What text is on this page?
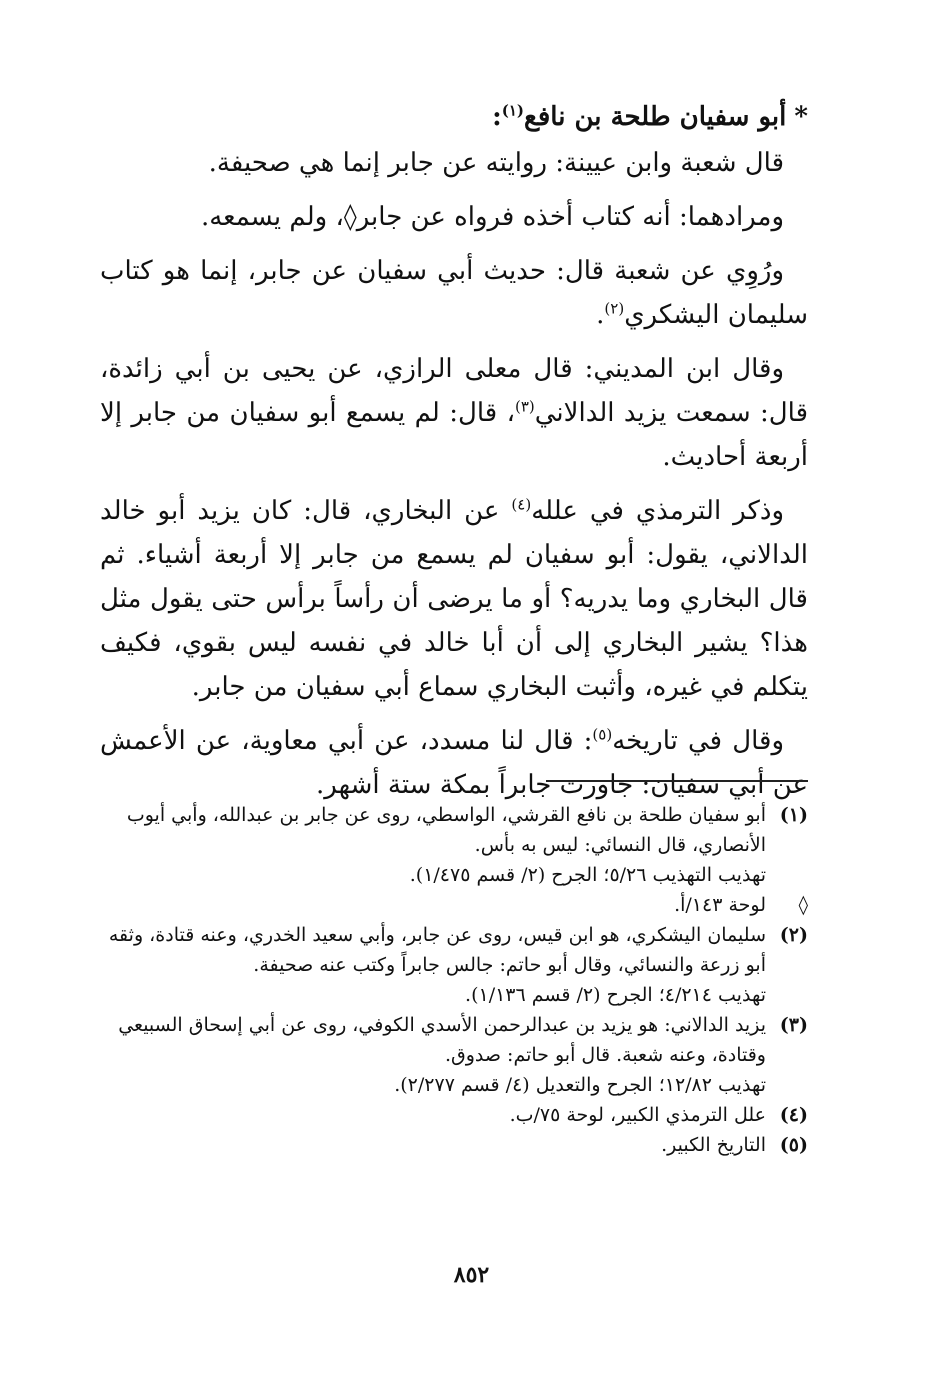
*أبو سفيان طلحة بن نافع$^{(١)}$:

قال شعبة وابن عيينة: روايته عن جابر إنما هي صحيفة.

ومرادهما: أنه كتاب أخذه فرواه عن جابر◊، ولم يسمعه.

ورُوِي عن شعبة قال: حديث أبي سفيان عن جابر، إنما هو كتاب سليمان اليشكري$^{(٢)}$.

وقال ابن المديني: قال معلى الرازي، عن يحيى بن أبي زائدة، قال: سمعت يزيد الدالاني$^{(٣)}$، قال: لم يسمع أبو سفيان من جابر إلا أربعة أحاديث.

وذكر الترمذي في علله$^{(٤)}$ عن البخاري، قال: كان يزيد أبو خالد الدالاني، يقول: أبو سفيان لم يسمع من جابر إلا أربعة أشياء. ثم قال البخاري وما يدريه؟ أو ما يرضى أن رأساً برأس حتى يقول مثل هذا؟ يشير البخاري إلى أن أبا خالد في نفسه ليس بقوي، فكيف يتكلم في غيره، وأثبت البخاري سماع أبي سفيان من جابر.

وقال في تاريخه$^{(٥)}$: قال لنا مسدد، عن أبي معاوية، عن الأعمش عن أبي سفيان: جاورت جابراً بمكة ستة أشهر.

(١)
أبو سفيان طلحة بن نافع القرشي، الواسطي، روى عن جابر بن عبدالله، وأبي أيوب الأنصاري، قال النسائي: ليس به بأس.
تهذيب التهذيب ٥/٢٦؛ الجرح (٢/ قسم ١/٤٧٥).
◊
لوحة ١٤٣/أ.
(٢)
سليمان اليشكري، هو ابن قيس، روى عن جابر، وأبي سعيد الخدري، وعنه قتادة، وثقه أبو زرعة والنسائي، وقال أبو حاتم: جالس جابراً وكتب عنه صحيفة.
تهذيب ٤/٢١٤؛ الجرح (٢/ قسم ١/١٣٦).
(٣)
يزيد الدالاني: هو يزيد بن عبدالرحمن الأسدي الكوفي، روى عن أبي إسحاق السبيعي وقتادة، وعنه شعبة. قال أبو حاتم: صدوق.
تهذيب ١٢/٨٢؛ الجرح والتعديل (٤/ قسم ٢/٢٧٧).
(٤)
علل الترمذي الكبير، لوحة ٧٥/ب.
(٥)
التاريخ الكبير.
٨٥٢
